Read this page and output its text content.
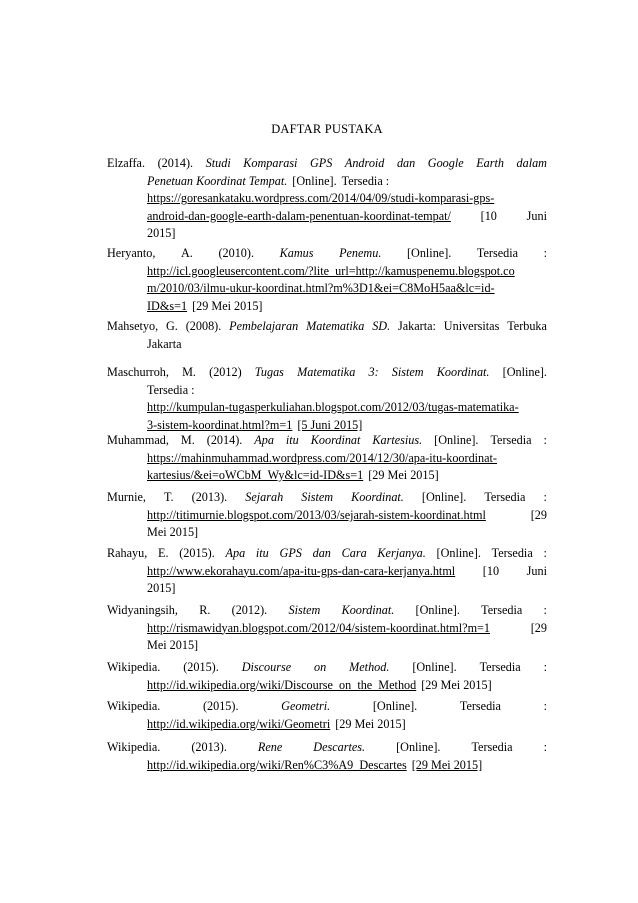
DAFTAR PUSTAKA
Elzaffa. (2014). Studi Komparasi GPS Android dan Google Earth dalam
Penetuan Koordinat Tempat. [Online]. Tersedia :
https://goresankataku.wordpress.com/2014/04/09/studi-komparasi-gps-
android-dan-google-earth-dalam-penentuan-koordinat-tempat/ [10 Juni
2015]
Heryanto, A. (2010). Kamus Penemu. [Online]. Tersedia :
http://icl.googleusercontent.com/?lite_url=http://kamuspenemu.blogspot.co
m/2010/03/ilmu-ukur-koordinat.html?m%3D1&ei=C8MoH5aa&lc=id-
ID&s=1 [29 Mei 2015]
Mahsetyo, G. (2008). Pembelajaran Matematika SD. Jakarta: Universitas Terbuka
Jakarta
Maschurroh, M. (2012) Tugas Matematika 3: Sistem Koordinat. [Online].
Tersedia :
http://kumpulan-tugasperkuliahan.blogspot.com/2012/03/tugas-matematika-
3-sistem-koordinat.html?m=1 [5 Juni 2015]
Muhammad, M. (2014). Apa itu Koordinat Kartesius. [Online]. Tersedia :
https://mahinmuhammad.wordpress.com/2014/12/30/apa-itu-koordinat-
kartesius/&ei=oWCbM_Wy&lc=id-ID&s=1 [29 Mei 2015]
Murnie, T. (2013). Sejarah Sistem Koordinat. [Online]. Tersedia :
http://titimurnie.blogspot.com/2013/03/sejarah-sistem-koordinat.html	[29
Mei 2015]
Rahayu, E. (2015). Apa itu GPS dan Cara Kerjanya. [Online]. Tersedia :
http://www.ekorahayu.com/apa-itu-gps-dan-cara-kerjanya.html [10 Juni
2015]
Widyaningsih, R. (2012). Sistem Koordinat. [Online]. Tersedia :
http://rismawidyan.blogspot.com/2012/04/sistem-koordinat.html?m=1	[29
Mei 2015]
Wikipedia. (2015). Discourse on Method. [Online]. Tersedia :
http://id.wikipedia.org/wiki/Discourse_on_the_Method [29 Mei 2015]
Wikipedia.	(2015).	Geometri.	[Online].	Tersedia	:
http://id.wikipedia.org/wiki/Geometri [29 Mei 2015]
Wikipedia.	(2013).	Rene	Descartes.	[Online].	Tersedia	:
http://id.wikipedia.org/wiki/Ren%C3%A9_Descartes [29 Mei 2015]
